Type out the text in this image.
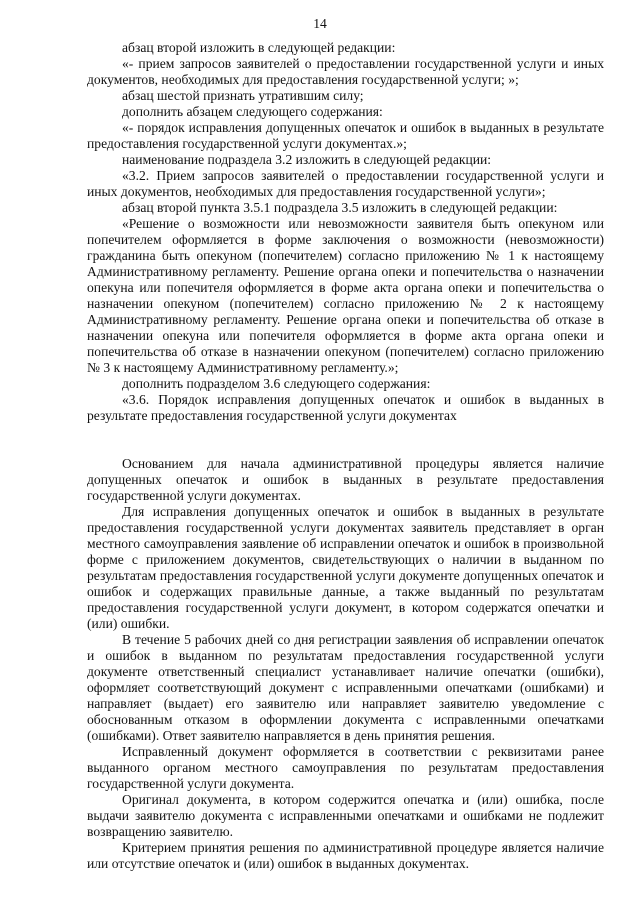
14

абзац второй изложить в следующей редакции:

«- прием запросов заявителей о предоставлении государственной услуги и иных документов, необходимых для предоставления государственной услуги; »;

абзац шестой признать утратившим силу;

дополнить абзацем следующего содержания:

«- порядок исправления допущенных опечаток и ошибок в выданных в результате предоставления государственной услуги документах.»;

наименование подраздела 3.2 изложить в следующей редакции:

«3.2. Прием запросов заявителей о предоставлении государственной услуги и иных документов, необходимых для предоставления государственной услуги»;

абзац второй пункта 3.5.1 подраздела 3.5 изложить в следующей редакции:

«Решение о возможности или невозможности заявителя быть опекуном или попечителем оформляется в форме заключения о возможности (невозможности) гражданина быть опекуном (попечителем) согласно приложению № 1 к настоящему Административному регламенту. Решение органа опеки и попечительства о назначении опекуна или попечителя оформляется в форме акта органа опеки и попечительства о назначении опекуном (попечителем) согласно приложению № 2 к настоящему Административному регламенту. Решение органа опеки и попечительства об отказе в назначении опекуна или попечителя оформляется в форме акта органа опеки и попечительства об отказе в назначении опекуном (попечителем) согласно приложению № 3 к настоящему Административному регламенту.»;

дополнить подразделом 3.6 следующего содержания:

«3.6. Порядок исправления допущенных опечаток и ошибок в выданных в результате предоставления государственной услуги документах

Основанием для начала административной процедуры является наличие допущенных опечаток и ошибок в выданных в результате предоставления государственной услуги документах.

Для исправления допущенных опечаток и ошибок в выданных в результате предоставления государственной услуги документах заявитель представляет в орган местного самоуправления заявление об исправлении опечаток и ошибок в произвольной форме с приложением документов, свидетельствующих о наличии в выданном по результатам предоставления государственной услуги документе допущенных опечаток и ошибок и содержащих правильные данные, а также выданный по результатам предоставления государственной услуги документ, в котором содержатся опечатки и (или) ошибки.

В течение 5 рабочих дней со дня регистрации заявления об исправлении опечаток и ошибок в выданном по результатам предоставления государственной услуги документе ответственный специалист устанавливает наличие опечатки (ошибки), оформляет соответствующий документ с исправленными опечатками (ошибками) и направляет (выдает) его заявителю или направляет заявителю уведомление с обоснованным отказом в оформлении документа с исправленными опечатками (ошибками). Ответ заявителю направляется в день принятия решения.

Исправленный документ оформляется в соответствии с реквизитами ранее выданного органом местного самоуправления по результатам предоставления государственной услуги документа.

Оригинал документа, в котором содержится опечатка и (или) ошибка, после выдачи заявителю документа с исправленными опечатками и ошибками не подлежит возвращению заявителю.

Критерием принятия решения по административной процедуре является наличие или отсутствие опечаток и (или) ошибок в выданных документах.
